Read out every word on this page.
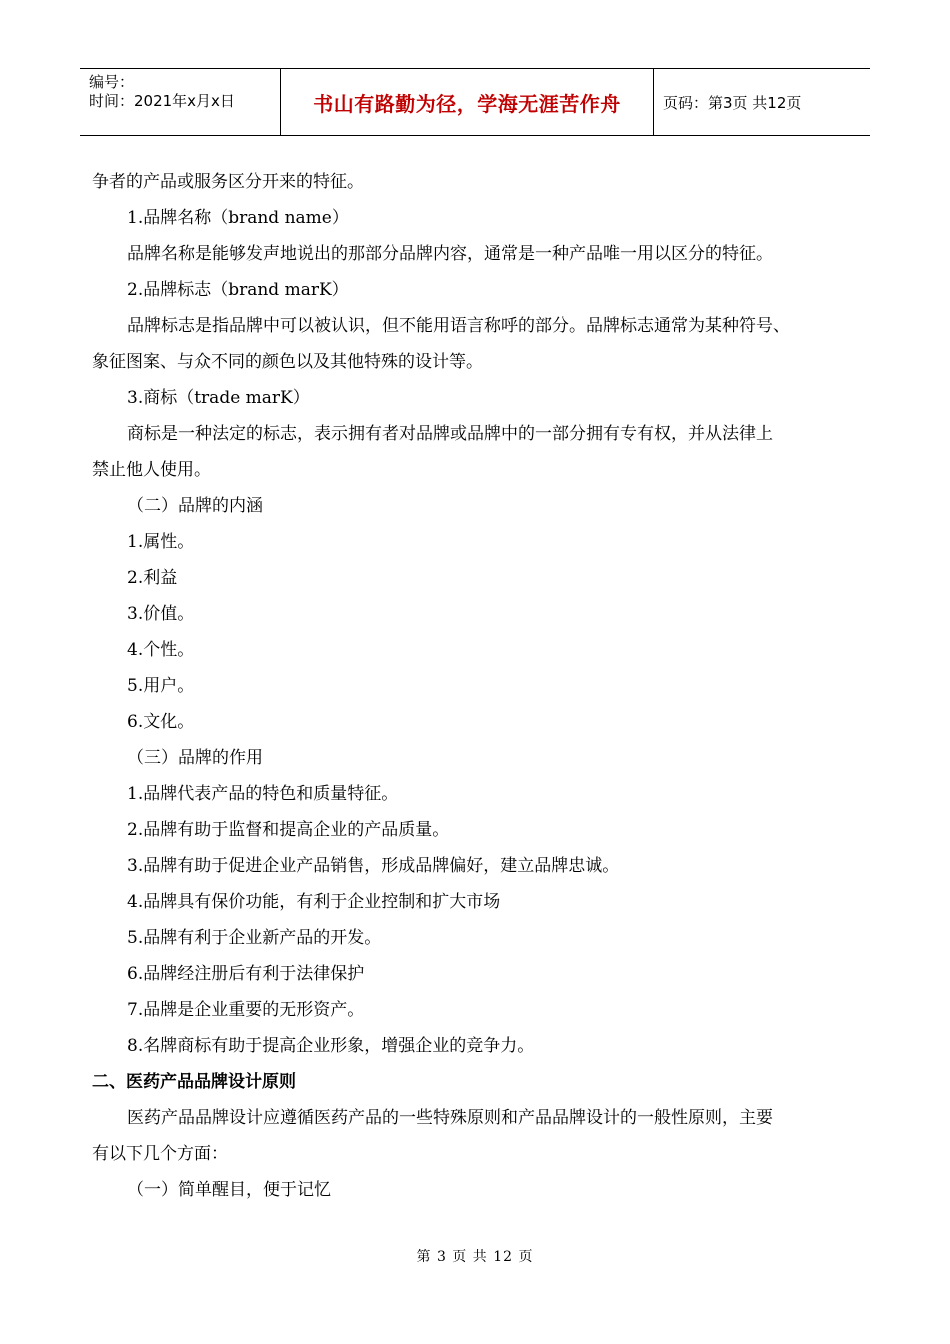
编号：
时间：2021年x月x日	书山有路勤为径，学海无涯苦作舟	页码：第3页 共12页

争者的产品或服务区分开来的特征。

1.品牌名称（brand name）

品牌名称是能够发声地说出的那部分品牌内容，通常是一种产品唯一用以区分的特征。

2.品牌标志（brand marK）

品牌标志是指品牌中可以被认识，但不能用语言称呼的部分。品牌标志通常为某种符号、

象征图案、与众不同的颜色以及其他特殊的设计等。

3.商标（trade marK）

商标是一种法定的标志，表示拥有者对品牌或品牌中的一部分拥有专有权，并从法律上

禁止他人使用。

（二）品牌的内涵

1.属性。

2.利益

3.价值。

4.个性。

5.用户。

6.文化。

（三）品牌的作用

1.品牌代表产品的特色和质量特征。

2.品牌有助于监督和提高企业的产品质量。

3.品牌有助于促进企业产品销售，形成品牌偏好，建立品牌忠诚。

4.品牌具有保价功能，有利于企业控制和扩大市场

5.品牌有利于企业新产品的开发。

6.品牌经注册后有利于法律保护

7.品牌是企业重要的无形资产。

8.名牌商标有助于提高企业形象，增强企业的竞争力。

二、医药产品品牌设计原则

医药产品品牌设计应遵循医药产品的一些特殊原则和产品品牌设计的一般性原则，主要

有以下几个方面：

（一）简单醒目，便于记忆

第 3 页 共 12 页
